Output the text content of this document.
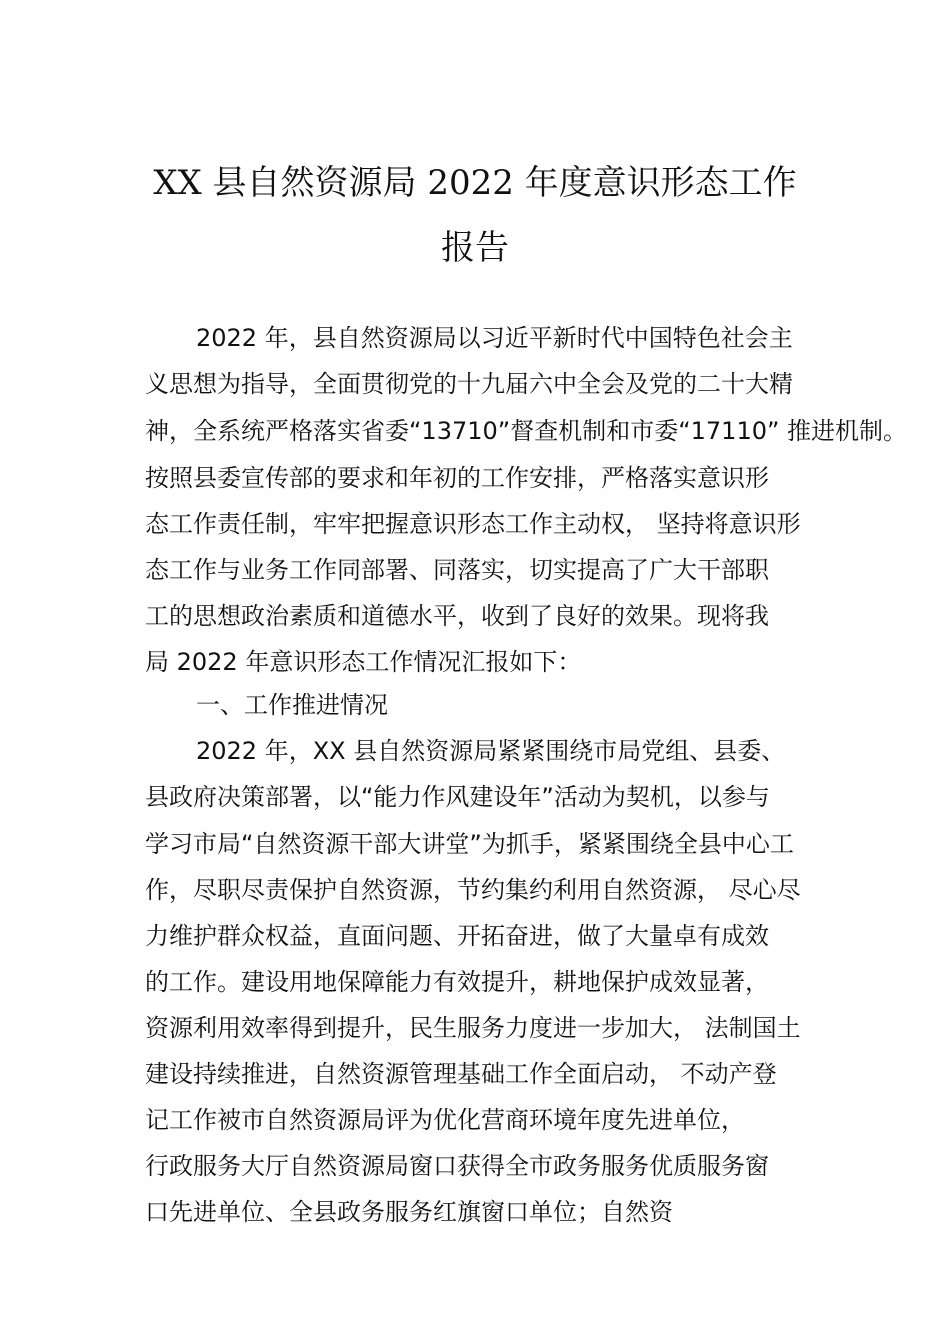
XX 县自然资源局 2022 年度意识形态工作
报告
2022 年，县自然资源局以习近平新时代中国特色社会主
义思想为指导，全面贯彻党的十九届六中全会及党的二十大精
神，全系统严格落实省委“13710”督查机制和市委“17110” 推进机制。
按照县委宣传部的要求和年初的工作安排，严格落实意识形
态工作责任制，牢牢把握意识形态工作主动权， 坚持将意识形
态工作与业务工作同部署、同落实，切实提高了广大干部职
工的思想政治素质和道德水平，收到了良好的效果。现将我
局 2022 年意识形态工作情况汇报如下：
一、工作推进情况
2022 年，XX 县自然资源局紧紧围绕市局党组、县委、
县政府决策部署，以“能力作风建设年”活动为契机，以参与
学习市局“自然资源干部大讲堂”为抓手，紧紧围绕全县中心工
作，尽职尽责保护自然资源，节约集约利用自然资源， 尽心尽
力维护群众权益，直面问题、开拓奋进，做了大量卓有成效
的工作。建设用地保障能力有效提升，耕地保护成效显著，
资源利用效率得到提升，民生服务力度进一步加大， 法制国土
建设持续推进，自然资源管理基础工作全面启动， 不动产登
记工作被市自然资源局评为优化营商环境年度先进单位，
行政服务大厅自然资源局窗口获得全市政务服务优质服务窗
口先进单位、全县政务服务红旗窗口单位；自然资
